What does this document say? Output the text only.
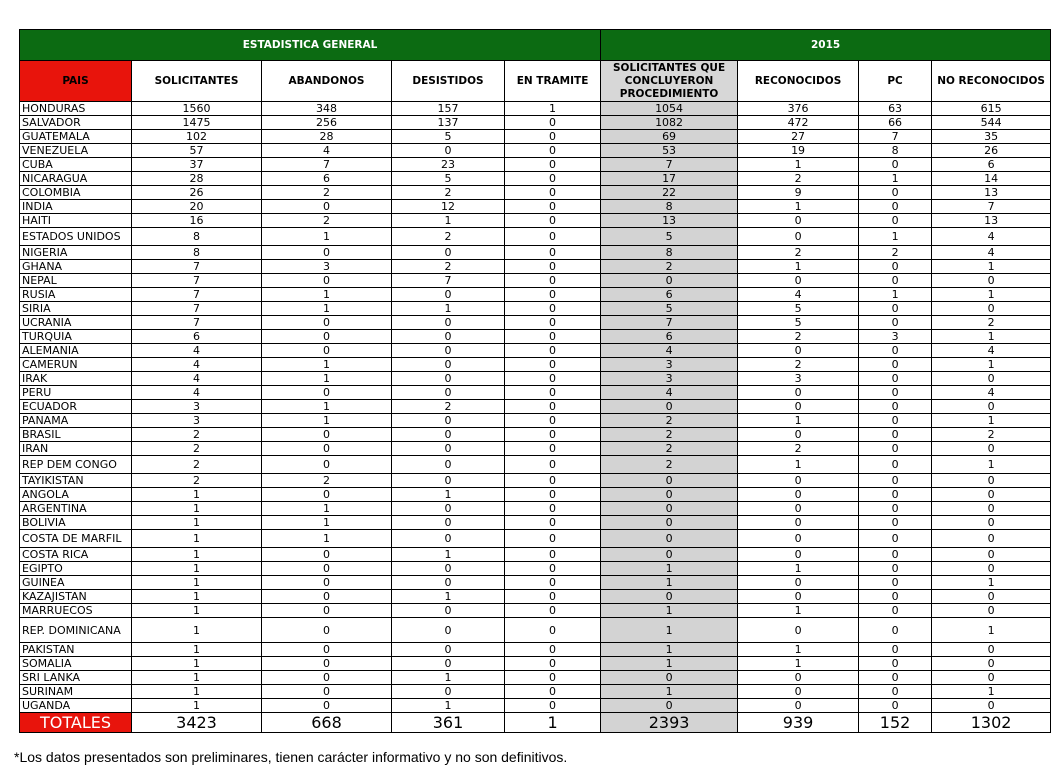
ESTADISTICA GENERAL					2015			
PAIS	SOLICITANTES	ABANDONOS	DESISTIDOS	EN TRAMITE	SOLICITANTES QUE CONCLUYERON PROCEDIMIENTO	RECONOCIDOS	PC	NO RECONOCIDOS
HONDURAS	1560	348	157	1	1054	376	63	615
SALVADOR	1475	256	137	0	1082	472	66	544
GUATEMALA	102	28	5	0	69	27	7	35
VENEZUELA	57	4	0	0	53	19	8	26
CUBA	37	7	23	0	7	1	0	6
NICARAGUA	28	6	5	0	17	2	1	14
COLOMBIA	26	2	2	0	22	9	0	13
INDIA	20	0	12	0	8	1	0	7
HAITI	16	2	1	0	13	0	0	13
ESTADOS UNIDOS	8	1	2	0	5	0	1	4
NIGERIA	8	0	0	0	8	2	2	4
GHANA	7	3	2	0	2	1	0	1
NEPAL	7	0	7	0	0	0	0	0
RUSIA	7	1	0	0	6	4	1	1
SIRIA	7	1	1	0	5	5	0	0
UCRANIA	7	0	0	0	7	5	0	2
TURQUIA	6	0	0	0	6	2	3	1
ALEMANIA	4	0	0	0	4	0	0	4
CAMERUN	4	1	0	0	3	2	0	1
IRAK	4	1	0	0	3	3	0	0
PERU	4	0	0	0	4	0	0	4
ECUADOR	3	1	2	0	0	0	0	0
PANAMA	3	1	0	0	2	1	0	1
BRASIL	2	0	0	0	2	0	0	2
IRAN	2	0	0	0	2	2	0	0
REP DEM CONGO	2	0	0	0	2	1	0	1
TAYIKISTAN	2	2	0	0	0	0	0	0
ANGOLA	1	0	1	0	0	0	0	0
ARGENTINA	1	1	0	0	0	0	0	0
BOLIVIA	1	1	0	0	0	0	0	0
COSTA DE MARFIL	1	1	0	0	0	0	0	0
COSTA RICA	1	0	1	0	0	0	0	0
EGIPTO	1	0	0	0	1	1	0	0
GUINEA	1	0	0	0	1	0	0	1
KAZAJISTAN	1	0	1	0	0	0	0	0
MARRUECOS	1	0	0	0	1	1	0	0
REP. DOMINICANA	1	0	0	0	1	0	0	1
PAKISTAN	1	0	0	0	1	1	0	0
SOMALIA	1	0	0	0	1	1	0	0
SRI LANKA	1	0	1	0	0	0	0	0
SURINAM	1	0	0	0	1	0	0	1
UGANDA	1	0	1	0	0	0	0	0
TOTALES	3423	668	361	1	2393	939	152	1302
*Los datos presentados son preliminares, tienen carácter informativo y no son definitivos.
